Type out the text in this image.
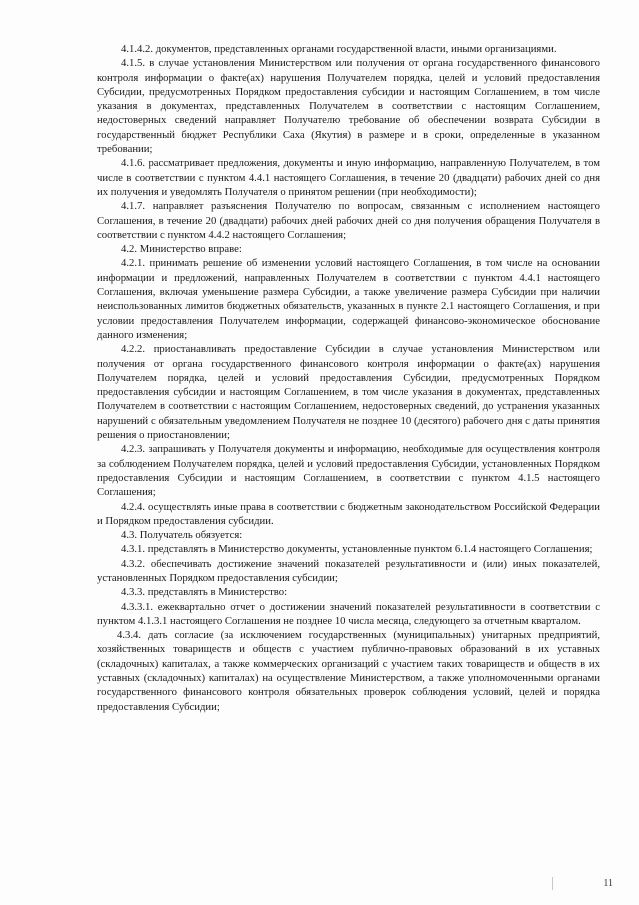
4.1.4.2. документов, представленных органами государственной власти, иными организациями.

4.1.5. в случае установления Министерством или получения от органа государственного финансового контроля информации о факте(ах) нарушения Получателем порядка, целей и условий предоставления Субсидии, предусмотренных Порядком предоставления субсидии и настоящим Соглашением, в том числе указания в документах, представленных Получателем в соответствии с настоящим Соглашением, недостоверных сведений направляет Получателю требование об обеспечении возврата Субсидии в государственный бюджет Республики Саха (Якутия) в размере и в сроки, определенные в указанном требовании;

4.1.6. рассматривает предложения, документы и иную информацию, направленную Получателем, в том числе в соответствии с пунктом 4.4.1 настоящего Соглашения, в течение 20 (двадцати) рабочих дней со дня их получения и уведомлять Получателя о принятом решении (при необходимости);

4.1.7. направляет разъяснения Получателю по вопросам, связанным с исполнением настоящего Соглашения, в течение 20 (двадцати) рабочих дней рабочих дней со дня получения обращения Получателя в соответствии с пунктом 4.4.2 настоящего Соглашения;

4.2. Министерство вправе:

4.2.1. принимать решение об изменении условий настоящего Соглашения, в том числе на основании информации и предложений, направленных Получателем в соответствии с пунктом 4.4.1 настоящего Соглашения, включая уменьшение размера Субсидии, а также увеличение размера Субсидии при наличии неиспользованных лимитов бюджетных обязательств, указанных в пункте 2.1 настоящего Соглашения, и при условии предоставления Получателем информации, содержащей финансово-экономическое обоснование данного изменения;

4.2.2. приостанавливать предоставление Субсидии в случае установления Министерством или получения от органа государственного финансового контроля информации о факте(ах) нарушения Получателем порядка, целей и условий предоставления Субсидии, предусмотренных Порядком предоставления субсидии и настоящим Соглашением, в том числе указания в документах, представленных Получателем в соответствии с настоящим Соглашением, недостоверных сведений, до устранения указанных нарушений с обязательным уведомлением Получателя не позднее 10 (десятого) рабочего дня с даты принятия решения о приостановлении;

4.2.3. запрашивать у Получателя документы и информацию, необходимые для осуществления контроля за соблюдением Получателем порядка, целей и условий предоставления Субсидии, установленных Порядком предоставления Субсидии и настоящим Соглашением, в соответствии с пунктом 4.1.5 настоящего Соглашения;

4.2.4. осуществлять иные права в соответствии с бюджетным законодательством Российской Федерации и Порядком предоставления субсидии.

4.3. Получатель обязуется:

4.3.1. представлять в Министерство документы, установленные пунктом 6.1.4 настоящего Соглашения;

4.3.2. обеспечивать достижение значений показателей результативности и (или) иных показателей, установленных Порядком предоставления субсидии;

4.3.3. представлять в Министерство:

4.3.3.1. ежеквартально отчет о достижении значений показателей результативности в соответствии с пунктом 4.1.3.1 настоящего Соглашения не позднее 10 числа месяца, следующего за отчетным кварталом.

4.3.4. дать согласие (за исключением государственных (муниципальных) унитарных предприятий, хозяйственных товариществ и обществ с участием публично-правовых образований в их уставных (складочных) капиталах, а также коммерческих организаций с участием таких товариществ и обществ в их уставных (складочных) капиталах) на осуществление Министерством, а также уполномоченными органами государственного финансового контроля обязательных проверок соблюдения условий, целей и порядка предоставления Субсидии;

11
